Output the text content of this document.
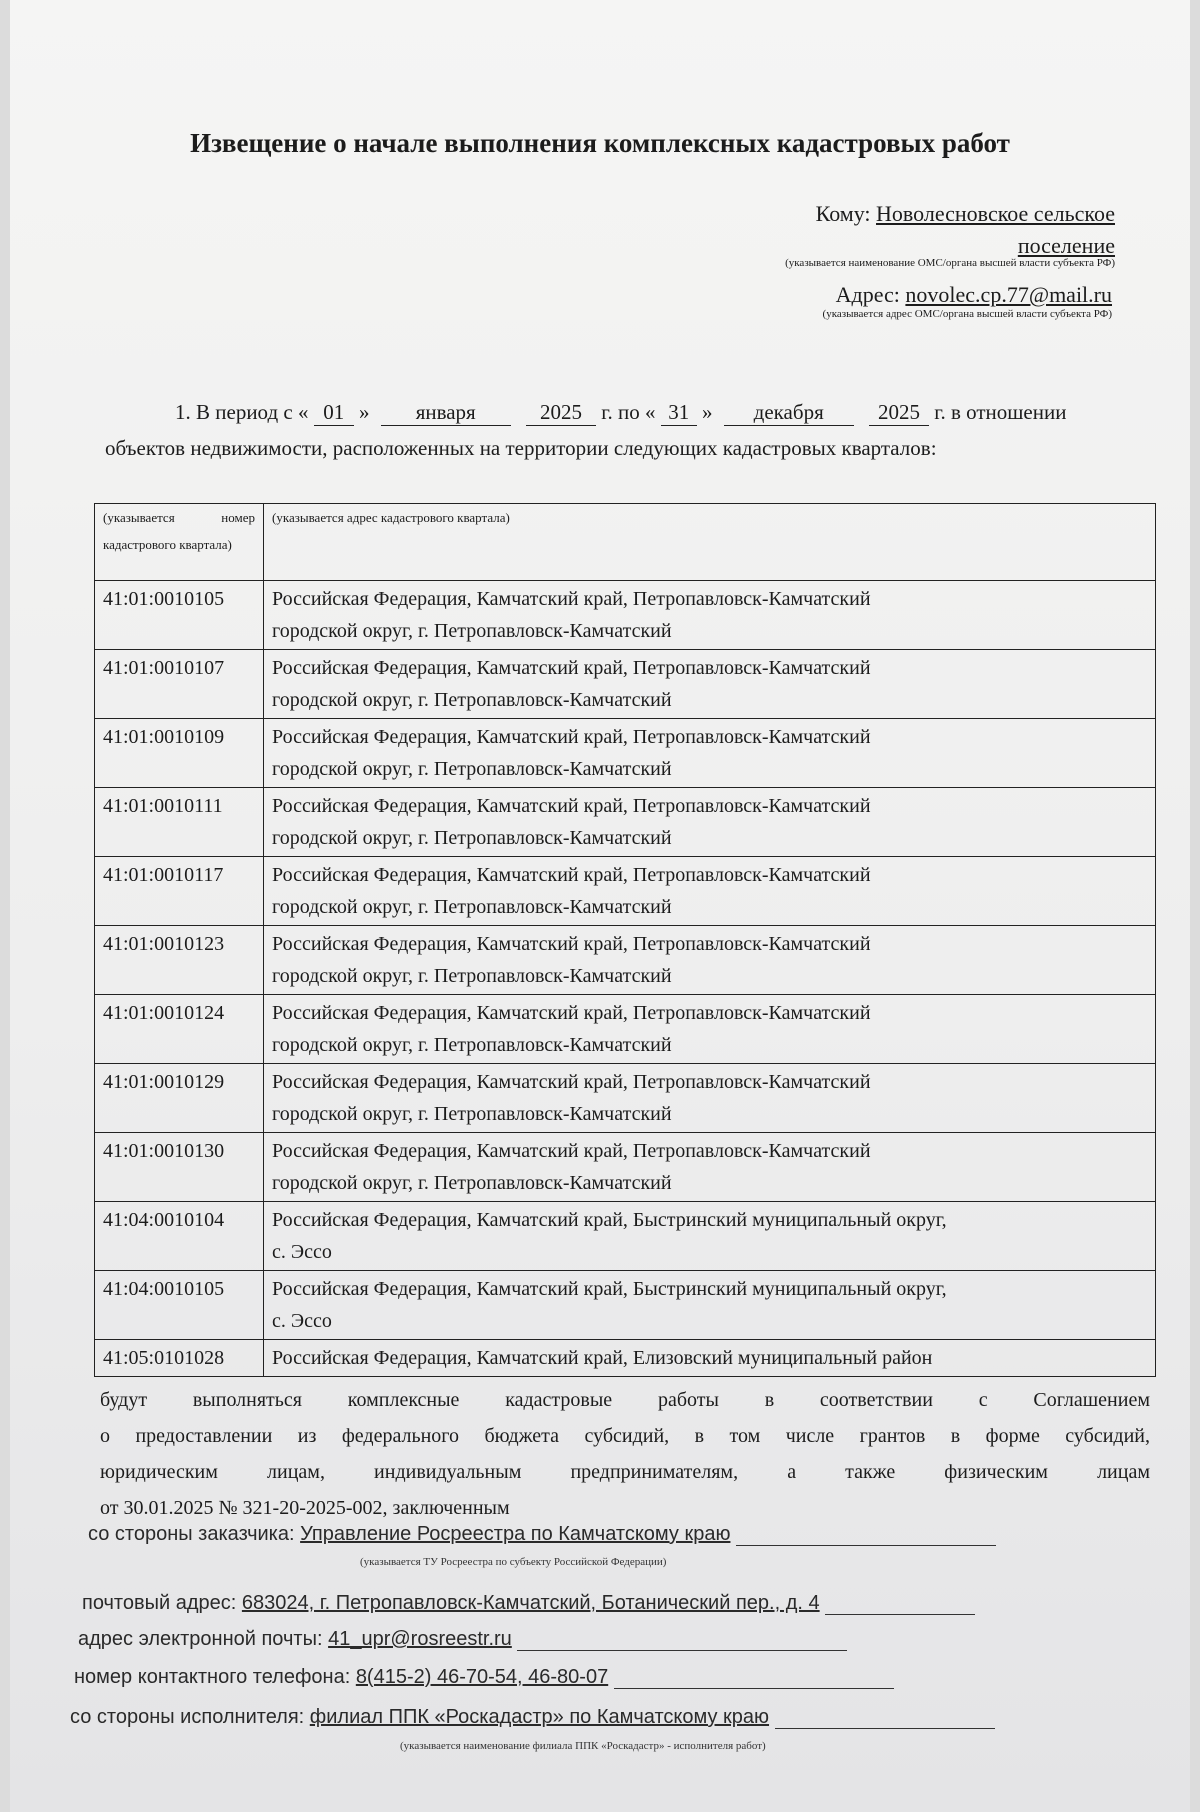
Извещение о начале выполнения комплексных кадастровых работ
Кому: Новолесновское сельское
поселение
(указывается наименование ОМС/органа высшей власти субъекта РФ)
Адрес: novolec.cp.77@mail.ru
(указывается адрес ОМС/органа высшей власти субъекта РФ)
1. В период с « 01 » января	2025 г. по « 31 » декабря	2025 г. в отношении
объектов недвижимости, расположенных на территории следующих кадастровых кварталов:
(указывается номер кадастрового квартала)	(указывается адрес кадастрового квартала)
41:01:0010105	Российская Федерация, Камчатский край, Петропавловск-Камчатский
городской округ, г. Петропавловск-Камчатский

41:01:0010107	Российская Федерация, Камчатский край, Петропавловск-Камчатский
городской округ, г. Петропавловск-Камчатский

41:01:0010109	Российская Федерация, Камчатский край, Петропавловск-Камчатский
городской округ, г. Петропавловск-Камчатский

41:01:0010111	Российская Федерация, Камчатский край, Петропавловск-Камчатский
городской округ, г. Петропавловск-Камчатский

41:01:0010117	Российская Федерация, Камчатский край, Петропавловск-Камчатский
городской округ, г. Петропавловск-Камчатский

41:01:0010123	Российская Федерация, Камчатский край, Петропавловск-Камчатский
городской округ, г. Петропавловск-Камчатский

41:01:0010124	Российская Федерация, Камчатский край, Петропавловск-Камчатский
городской округ, г. Петропавловск-Камчатский

41:01:0010129	Российская Федерация, Камчатский край, Петропавловск-Камчатский
городской округ, г. Петропавловск-Камчатский

41:01:0010130	Российская Федерация, Камчатский край, Петропавловск-Камчатский
городской округ, г. Петропавловск-Камчатский

41:04:0010104	Российская Федерация, Камчатский край, Быстринский муниципальный округ,
с. Эссо

41:04:0010105	Российская Федерация, Камчатский край, Быстринский муниципальный округ,
с. Эссо

41:05:0101028	Российская Федерация, Камчатский край, Елизовский муниципальный район
будут выполняться комплексные кадастровые работы в соответствии с Соглашением
о предоставлении из федерального бюджета субсидий, в том числе грантов в форме субсидий,
юридическим лицам, индивидуальным предпринимателям, а также физическим лицам
от 30.01.2025 № 321-20-2025-002, заключенным
со стороны заказчика: Управление Росреестра по Камчатскому краю
(указывается ТУ Росреестра по субъекту Российской Федерации)
почтовый адрес: 683024, г. Петропавловск-Камчатский, Ботанический пер., д. 4
адрес электронной почты: 41_upr@rosreestr.ru
номер контактного телефона: 8(415-2) 46-70-54, 46-80-07
со стороны исполнителя: филиал ППК «Роскадастр» по Камчатскому краю
(указывается наименование филиала ППК «Роскадастр» - исполнителя работ)
